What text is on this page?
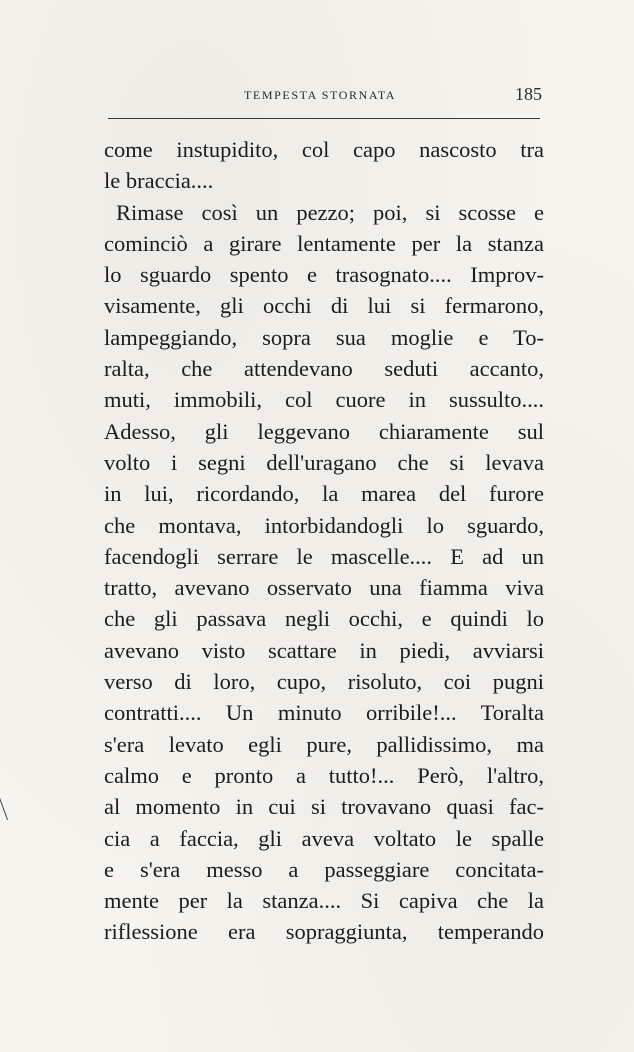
TEMPESTA STORNATA	185
come instupidito, col capo nascosto tra
le braccia....
Rimase così un pezzo; poi, si scosse e
cominciò a girare lentamente per la stanza
lo sguardo spento e trasognato.... Improv-
visamente, gli occhi di lui si fermarono,
lampeggiando, sopra sua moglie e To-
ralta, che attendevano seduti accanto,
muti, immobili, col cuore in sussulto....
Adesso, gli leggevano chiaramente sul
volto i segni dell'uragano che si levava
in lui, ricordando, la marea del furore
che montava, intorbidandogli lo sguardo,
facendogli serrare le mascelle.... E ad un
tratto, avevano osservato una fiamma viva
che gli passava negli occhi, e quindi lo
avevano visto scattare in piedi, avviarsi
verso di loro, cupo, risoluto, coi pugni
contratti.... Un minuto orribile!... Toralta
s'era levato egli pure, pallidissimo, ma
calmo e pronto a tutto!... Però, l'altro,
al momento in cui si trovavano quasi fac-
cia a faccia, gli aveva voltato le spalle
e s'era messo a passeggiare concitata-
mente per la stanza.... Si capiva che la
riflessione era sopraggiunta, temperando
